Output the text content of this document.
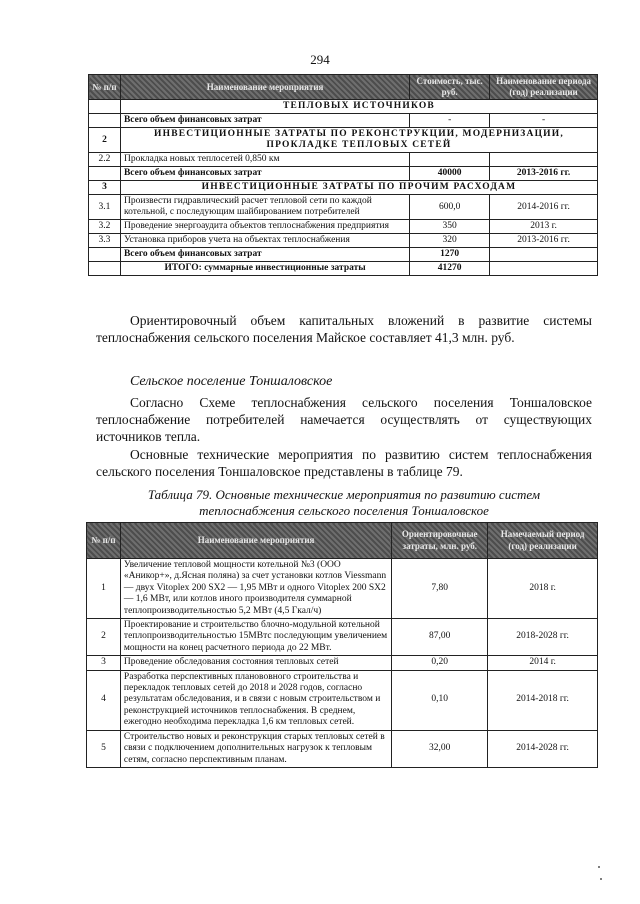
294
№ п/п	Наименование мероприятия	Стоимость, тыс. руб.	Наименование периода (год) реализации
	ТЕПЛОВЫХ ИСТОЧНИКОВ		
	Всего объем финансовых затрат	-	-
2	ИНВЕСТИЦИОННЫЕ ЗАТРАТЫ ПО РЕКОНСТРУКЦИИ, МОДЕРНИЗАЦИИ, ПРОКЛАДКЕ ТЕПЛОВЫХ СЕТЕЙ		
2.2	Прокладка новых теплосетей 0,850 км		
	Всего объем финансовых затрат	40000	2013-2016 гг.
3	ИНВЕСТИЦИОННЫЕ ЗАТРАТЫ ПО ПРОЧИМ РАСХОДАМ		
3.1	Произвести гидравлический расчет тепловой сети по каждой котельной, с последующим шайбированием потребителей	600,0	2014-2016 гг.
3.2	Проведение энергоаудита объектов теплоснабжения предприятия	350	2013 г.
3.3	Установка приборов учета на объектах теплоснабжения	320	2013-2016 гг.
	Всего объем финансовых затрат	1270	
	ИТОГО: суммарные инвестиционные затраты	41270	

Ориентировочный объем капитальных вложений в развитие системы теплоснабжения сельского поселения Майское составляет 41,3 млн. руб.

Сельское поселение Тоншаловское

Согласно Схеме теплоснабжения сельского поселения Тоншаловское теплоснабжение потребителей намечается осуществлять от существующих источников тепла.

Основные технические мероприятия по развитию систем теплоснабжения сельского поселения Тоншаловское представлены в таблице 79.

Таблица 79. Основные технические мероприятия по развитию систем
теплоснабжения сельского поселения Тоншаловское
№ п/п	Наименование мероприятия	Ориентировочные затраты, млн. руб.	Намечаемый период (год) реализации
1	Увеличение тепловой мощности котельной №3 (ООО «Аникор+», д.Ясная поляна) за счет установки котлов Viessmann — двух Vitoplex 200 SX2 — 1,95 МВт и одного Vitoplex 200 SX2 — 1,6 МВт, или котлов иного производителя суммарной теплопроизводительностью 5,2 МВт (4,5 Гкал/ч)	7,80	2018 г.
2	Проектирование и строительство блочно-модульной котельной теплопроизводительностью 15МВтс последующим увеличением мощности на конец расчетного периода до 22 МВт.	87,00	2018-2028 гг.
3	Проведение обследования состояния тепловых сетей	0,20	2014 г.
4	Разработка перспективных планововного строительства и перекладок тепловых сетей до 2018 и 2028 годов, согласно результатам обследования, и в связи с новым строительством и реконструкцией источников теплоснабжения. В среднем, ежегодно необходима перекладка 1,6 км тепловых сетей.	0,10	2014-2018 гг.
5	Строительство новых и реконструкция старых тепловых сетей в связи с подключением дополнительных нагрузок к тепловым сетям, согласно перспективным планам.	32,00	2014-2028 гг.
